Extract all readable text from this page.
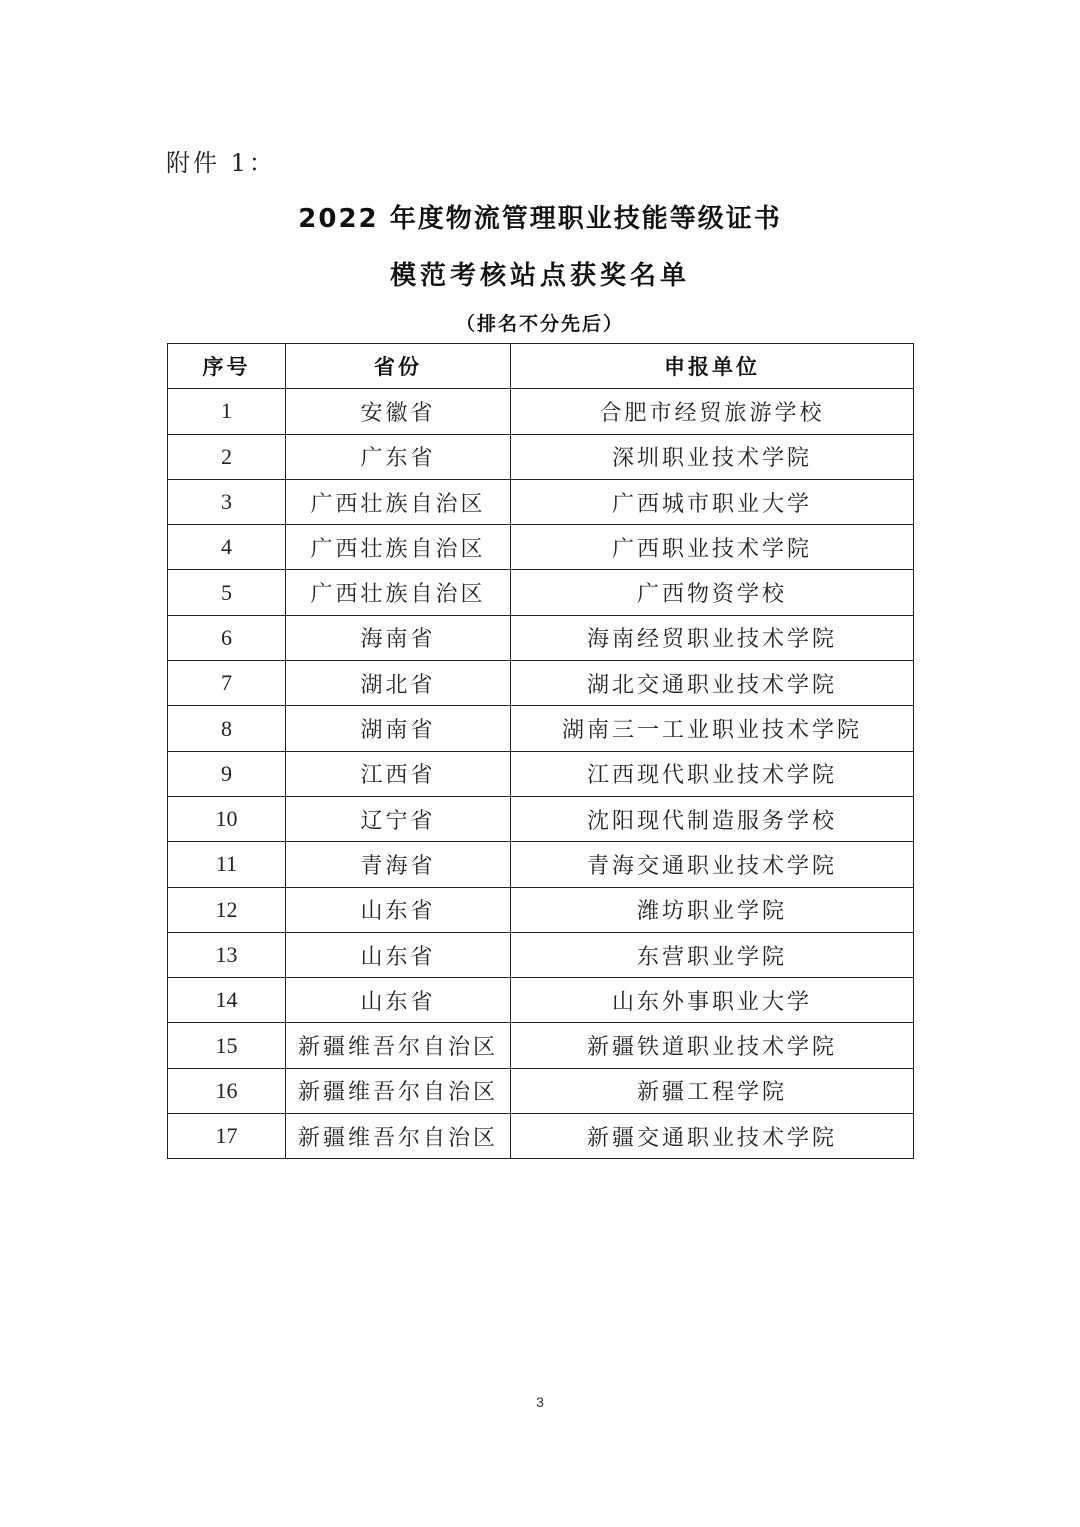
附件 1：
2022 年度物流管理职业技能等级证书
模范考核站点获奖名单
（排名不分先后）
序号	省份	申报单位
1	安徽省	合肥市经贸旅游学校
2	广东省	深圳职业技术学院
3	广西壮族自治区	广西城市职业大学
4	广西壮族自治区	广西职业技术学院
5	广西壮族自治区	广西物资学校
6	海南省	海南经贸职业技术学院
7	湖北省	湖北交通职业技术学院
8	湖南省	湖南三一工业职业技术学院
9	江西省	江西现代职业技术学院
10	辽宁省	沈阳现代制造服务学校
11	青海省	青海交通职业技术学院
12	山东省	潍坊职业学院
13	山东省	东营职业学院
14	山东省	山东外事职业大学
15	新疆维吾尔自治区	新疆铁道职业技术学院
16	新疆维吾尔自治区	新疆工程学院
17	新疆维吾尔自治区	新疆交通职业技术学院
3
